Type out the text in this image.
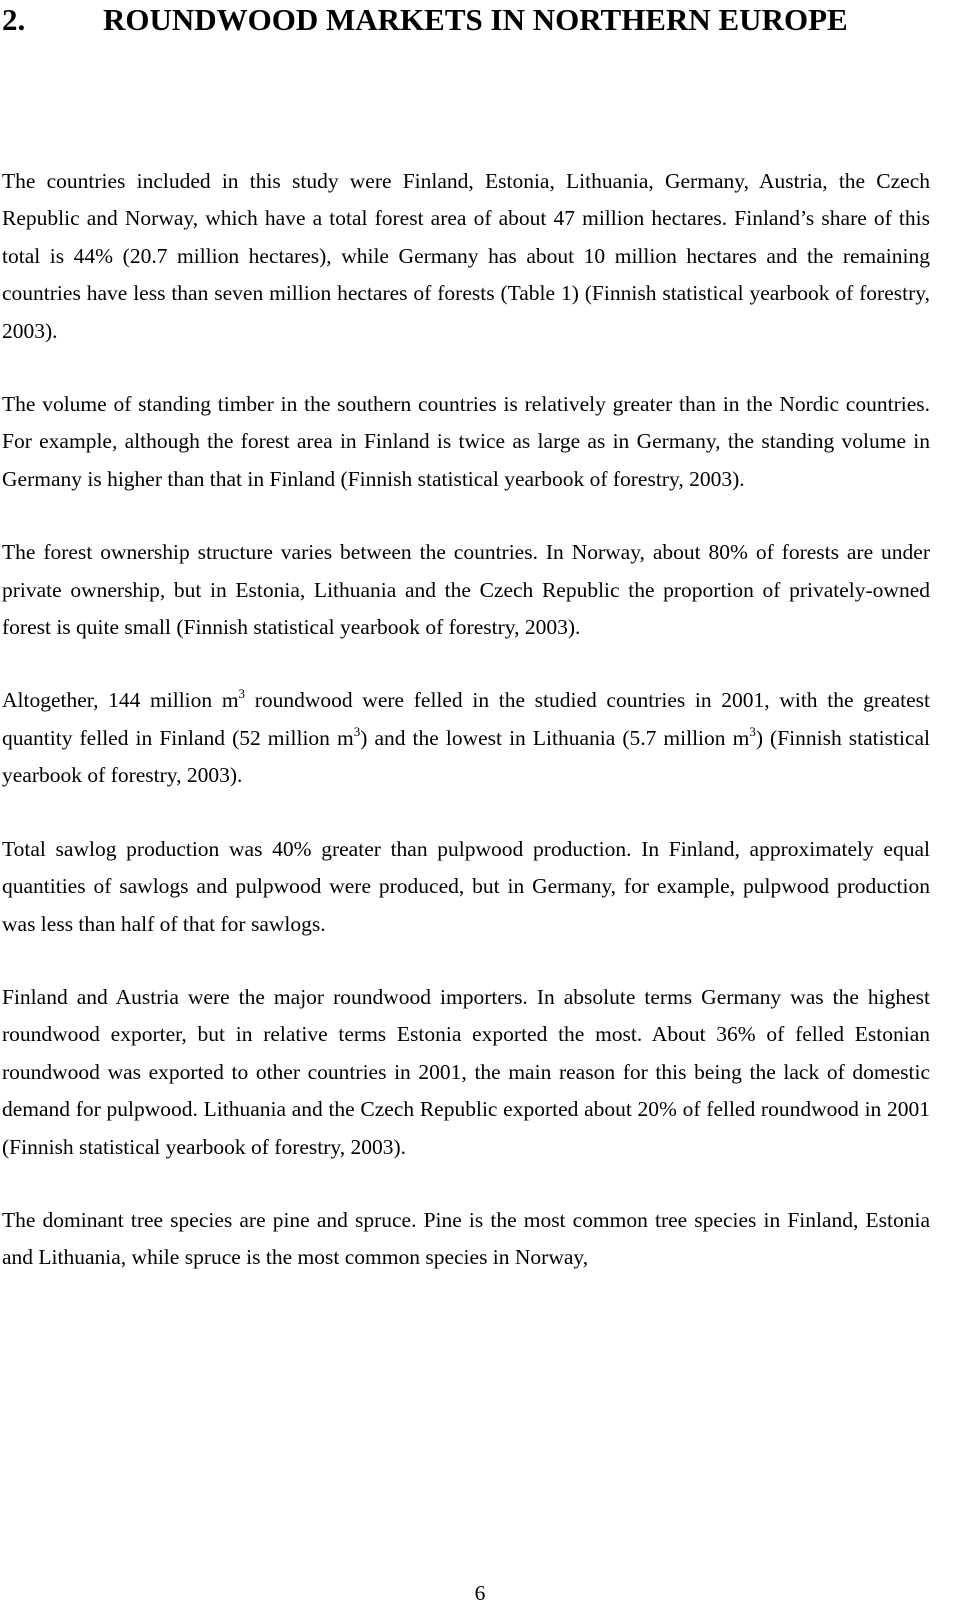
2.	ROUNDWOOD MARKETS IN NORTHERN EUROPE

The countries included in this study were Finland, Estonia, Lithuania, Germany, Austria, the Czech Republic and Norway, which have a total forest area of about 47 million hectares. Finland’s share of this total is 44% (20.7 million hectares), while Germany has about 10 million hectares and the remaining countries have less than seven million hectares of forests (Table 1) (Finnish statistical yearbook of forestry, 2003).

The volume of standing timber in the southern countries is relatively greater than in the Nordic countries. For example, although the forest area in Finland is twice as large as in Germany, the standing volume in Germany is higher than that in Finland (Finnish statistical yearbook of forestry, 2003).

The forest ownership structure varies between the countries. In Norway, about 80% of forests are under private ownership, but in Estonia, Lithuania and the Czech Republic the proportion of privately-owned forest is quite small (Finnish statistical yearbook of forestry, 2003).

Altogether, 144 million $m^3$ roundwood were felled in the studied countries in 2001, with the greatest quantity felled in Finland (52 million $m^3$) and the lowest in Lithuania (5.7 million $m^3$) (Finnish statistical yearbook of forestry, 2003).

Total sawlog production was 40% greater than pulpwood production. In Finland, approximately equal quantities of sawlogs and pulpwood were produced, but in Germany, for example, pulpwood production was less than half of that for sawlogs.

Finland and Austria were the major roundwood importers. In absolute terms Germany was the highest roundwood exporter, but in relative terms Estonia exported the most. About 36% of felled Estonian roundwood was exported to other countries in 2001, the main reason for this being the lack of domestic demand for pulpwood. Lithuania and the Czech Republic exported about 20% of felled roundwood in 2001 (Finnish statistical yearbook of forestry, 2003).

The dominant tree species are pine and spruce. Pine is the most common tree species in Finland, Estonia and Lithuania, while spruce is the most common species in Norway,

6
